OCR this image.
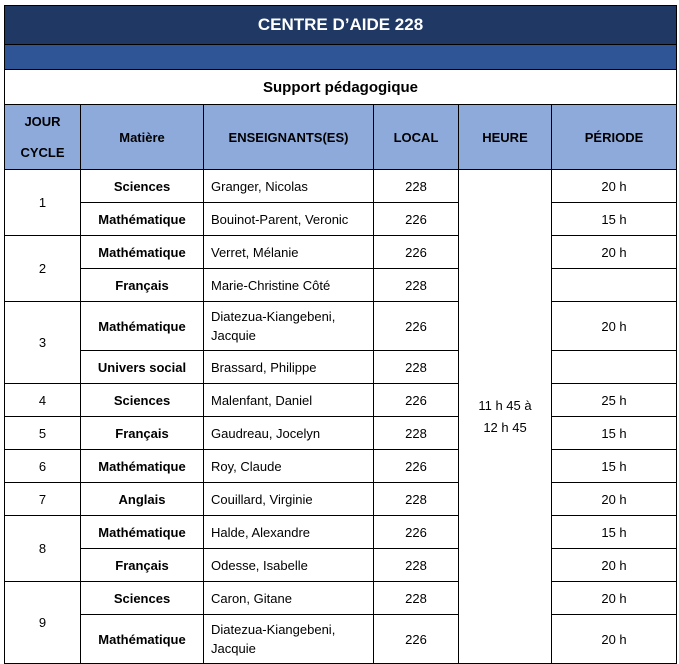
CENTRE D’AIDE 228					

Support pédagogique					
JOUR
CYCLE	Matière	ENSEIGNANTS(ES)	LOCAL	HEURE	PÉRIODE
1	Sciences	Granger, Nicolas	228	11 h 45 à 12 h 45	20 h
	Mathématique	Bouinot-Parent, Veronic	226		15 h
2	Mathématique	Verret, Mélanie	226		20 h
	Français	Marie-Christine Côté	228		
3	Mathématique	Diatezua-Kiangebeni, Jacquie	226		20 h
	Univers social	Brassard, Philippe	228		
4	Sciences	Malenfant, Daniel	226		25 h
5	Français	Gaudreau, Jocelyn	228		15 h
6	Mathématique	Roy, Claude	226		15 h
7	Anglais	Couillard, Virginie	228		20 h
8	Mathématique	Halde, Alexandre	226		15 h
	Français	Odesse, Isabelle	228		20 h
9	Sciences	Caron, Gitane	228		20 h
	Mathématique	Diatezua-Kiangebeni, Jacquie	226		20 h
